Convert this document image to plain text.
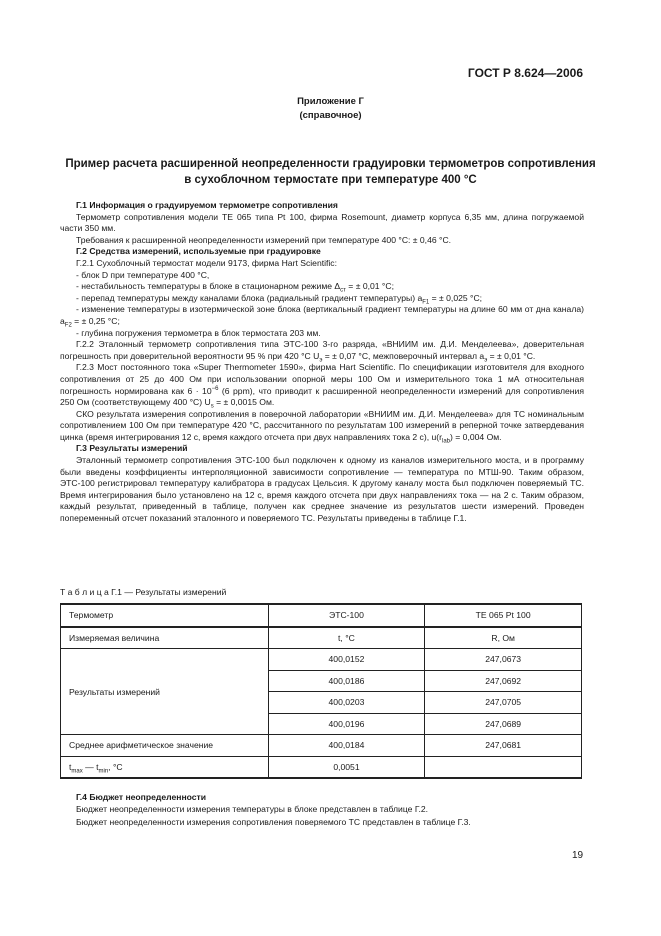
ГОСТ Р 8.624—2006
Приложение Г
(справочное)
Пример расчета расширенной неопределенности градуировки термометров сопротивления
в сухоблочном термостате при температуре 400 °С

Г.1 Информация о градуируемом термометре сопротивления

Термометр сопротивления модели TE 065 типа Pt 100, фирма Rosemount, диаметр корпуса 6,35 мм, длина погружаемой части 350 мм.

Требования к расширенной неопределенности измерений при температуре 400 °С: ± 0,46 °С.

Г.2 Средства измерений, используемые при градуировке

Г.2.1 Сухоблочный термостат модели 9173, фирма Hart Scientific:

- блок D при температуре 400 °С,

- нестабильность температуры в блоке в стационарном режиме $\Delta_{ст}$ = ± 0,01 °С;

- перепад температуры между каналами блока (радиальный градиент температуры) $a_{F1}$ = ± 0,025 °С;

- изменение температуры в изотермической зоне блока (вертикальный градиент температуры на длине 60 мм от дна канала) $a_{F2}$ = ± 0,25 °С;

- глубина погружения термометра в блок термостата 203 мм.

Г.2.2 Эталонный термометр сопротивления типа ЭТС-100 3-го разряда, «ВНИИМ им. Д.И. Менделеева», доверительная погрешность при доверительной вероятности 95 % при 420 °С $U_э$ = ± 0,07 °С, межповерочный интервал $a_э$ = ± 0,01 °С.

Г.2.3 Мост постоянного тока «Super Thermometer 1590», фирма Hart Scientific. По спецификации изготовителя для входного сопротивления от 25 до 400 Ом при использовании опорной меры 100 Ом и измерительного тока 1 мА относительная погрешность нормирована как $6 \cdot 10^{-6}$ (6 ppm), что приводит к расширенной неопределенности измерений для сопротивления 250 Ом (соответствующему 400 °С) $U_s$ = ± 0,0015 Ом.

СКО результата измерения сопротивления в поверочной лаборатории «ВНИИМ им. Д.И. Менделеева» для ТС номинальным сопротивлением 100 Ом при температуре 420 °С, рассчитанного по результатам 100 измерений в реперной точке затвердевания цинка (время интегрирования 12 с, время каждого отсчета при двух направлениях тока 2 с), $u(r_{lab}) = 0,004$ Ом.

Г.3 Результаты измерений

Эталонный термометр сопротивления ЭТС-100 был подключен к одному из каналов измерительного моста, и в программу были введены коэффициенты интерполяционной зависимости сопротивление — температура по МТШ-90. Таким образом, ЭТС-100 регистрировал температуру калибратора в градусах Цельсия. К другому каналу моста был подключен поверяемый ТС. Время интегрирования было установлено на 12 с, время каждого отсчета при двух направлениях тока — на 2 с. Таким образом, каждый результат, приведенный в таблице, получен как среднее значение из результатов шести измерений. Проведен попеременный отсчет показаний эталонного и поверяемого ТС. Результаты приведены в таблице Г.1.

Т а б л и ц а Г.1 — Результаты измерений
Термометр	ЭТС-100	TE 065 Pt 100
Измеряемая величина	t, °С	R, Ом
Результаты измерений	400,0152	247,0673
	400,0186	247,0692
	400,0203	247,0705
	400,0196	247,0689
Среднее арифметическое значение	400,0184	247,0681
$t_{max}$ — $t_{min}$, °С	0,0051	

Г.4 Бюджет неопределенности

Бюджет неопределенности измерения температуры в блоке представлен в таблице Г.2.

Бюджет неопределенности измерения сопротивления поверяемого ТС представлен в таблице Г.3.

19
